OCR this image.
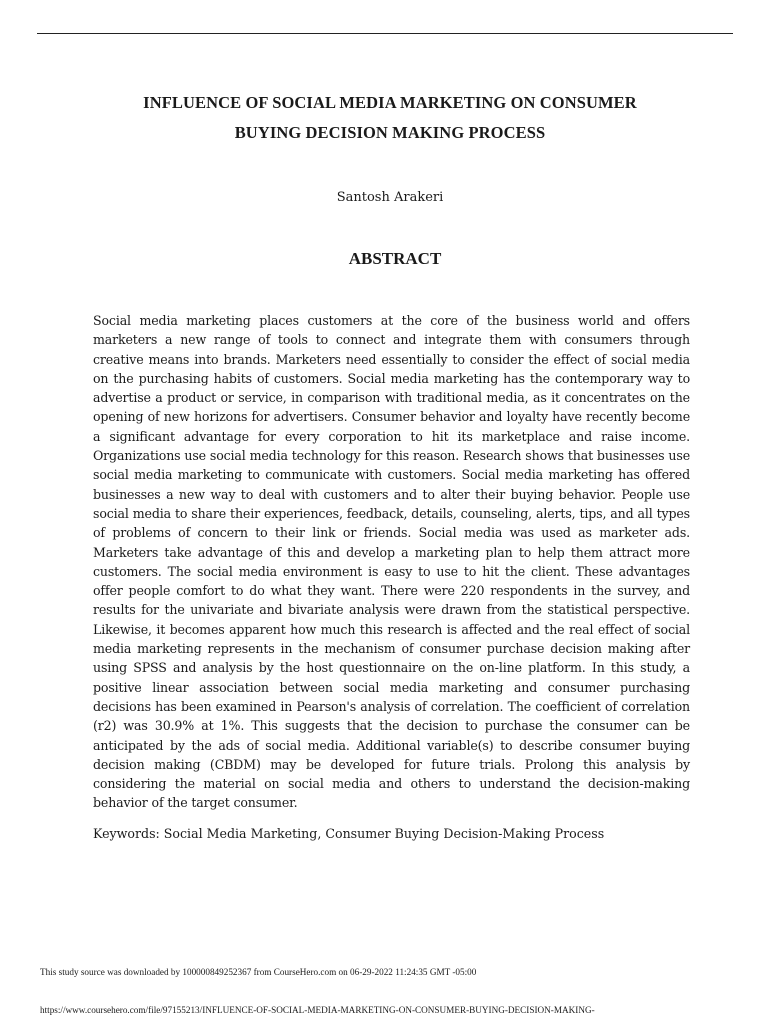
INFLUENCE OF SOCIAL MEDIA MARKETING ON CONSUMER
BUYING DECISION MAKING PROCESS

Santosh Arakeri

ABSTRACT

Social media marketing places customers at the core of the business world and offers marketers a new range of tools to connect and integrate them with consumers through creative means into brands. Marketers need essentially to consider the effect of social media on the purchasing habits of customers. Social media marketing has the contemporary way to advertise a product or service, in comparison with traditional media, as it concentrates on the opening of new horizons for advertisers. Consumer behavior and loyalty have recently become a significant advantage for every corporation to hit its marketplace and raise income. Organizations use social media technology for this reason. Research shows that businesses use social media marketing to communicate with customers. Social media marketing has offered businesses a new way to deal with customers and to alter their buying behavior. People use social media to share their experiences, feedback, details, counseling, alerts, tips, and all types of problems of concern to their link or friends. Social media was used as marketer ads. Marketers take advantage of this and develop a marketing plan to help them attract more customers. The social media environment is easy to use to hit the client. These advantages offer people comfort to do what they want. There were 220 respondents in the survey, and results for the univariate and bivariate analysis were drawn from the statistical perspective. Likewise, it becomes apparent how much this research is affected and the real effect of social media marketing represents in the mechanism of consumer purchase decision making after using SPSS and analysis by the host questionnaire on the on-line platform. In this study, a positive linear association between social media marketing and consumer purchasing decisions has been examined in Pearson's analysis of correlation. The coefficient of correlation (r2) was 30.9% at 1%. This suggests that the decision to purchase the consumer can be anticipated by the ads of social media. Additional variable(s) to describe consumer buying decision making (CBDM) may be developed for future trials. Prolong this analysis by considering the material on social media and others to understand the decision-making behavior of the target consumer.

Keywords: Social Media Marketing, Consumer Buying Decision-Making Process

This study source was downloaded by 100000849252367 from CourseHero.com on 06-29-2022 11:24:35 GMT -05:00

https://www.coursehero.com/file/97155213/INFLUENCE-OF-SOCIAL-MEDIA-MARKETING-ON-CONSUMER-BUYING-DECISION-MAKING-
